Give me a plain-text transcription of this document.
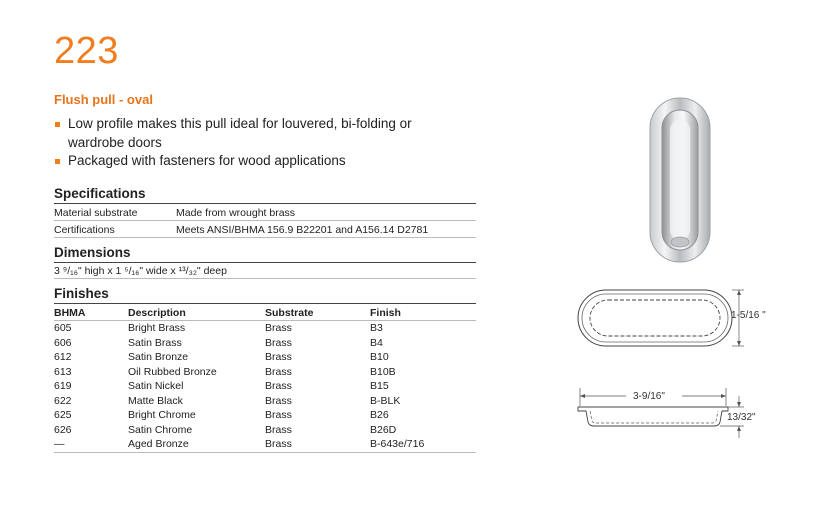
223
Flush pull - oval
Low profile makes this pull ideal for louvered, bi-folding or wardrobe doors
Packaged with fasteners for wood applications
Specifications
Material substrate	Made from wrought brass
Certifications	Meets ANSI/BHMA 156.9 B22201 and A156.14 D2781
Dimensions
3 ⁹/₁₆" high x 1 ⁵/₁₆" wide x ¹³/₃₂" deep
Finishes
BHMA	Description	Substrate	Finish
605	Bright Brass	Brass	B3
606	Satin Brass	Brass	B4
612	Satin Bronze	Brass	B10
613	Oil Rubbed Bronze	Brass	B10B
619	Satin Nickel	Brass	B15
622	Matte Black	Brass	B-BLK
625	Bright Chrome	Brass	B26
626	Satin Chrome	Brass	B26D
—	Aged Bronze	Brass	B-643e/716
1-5/16 "
3-9/16"
13/32"
